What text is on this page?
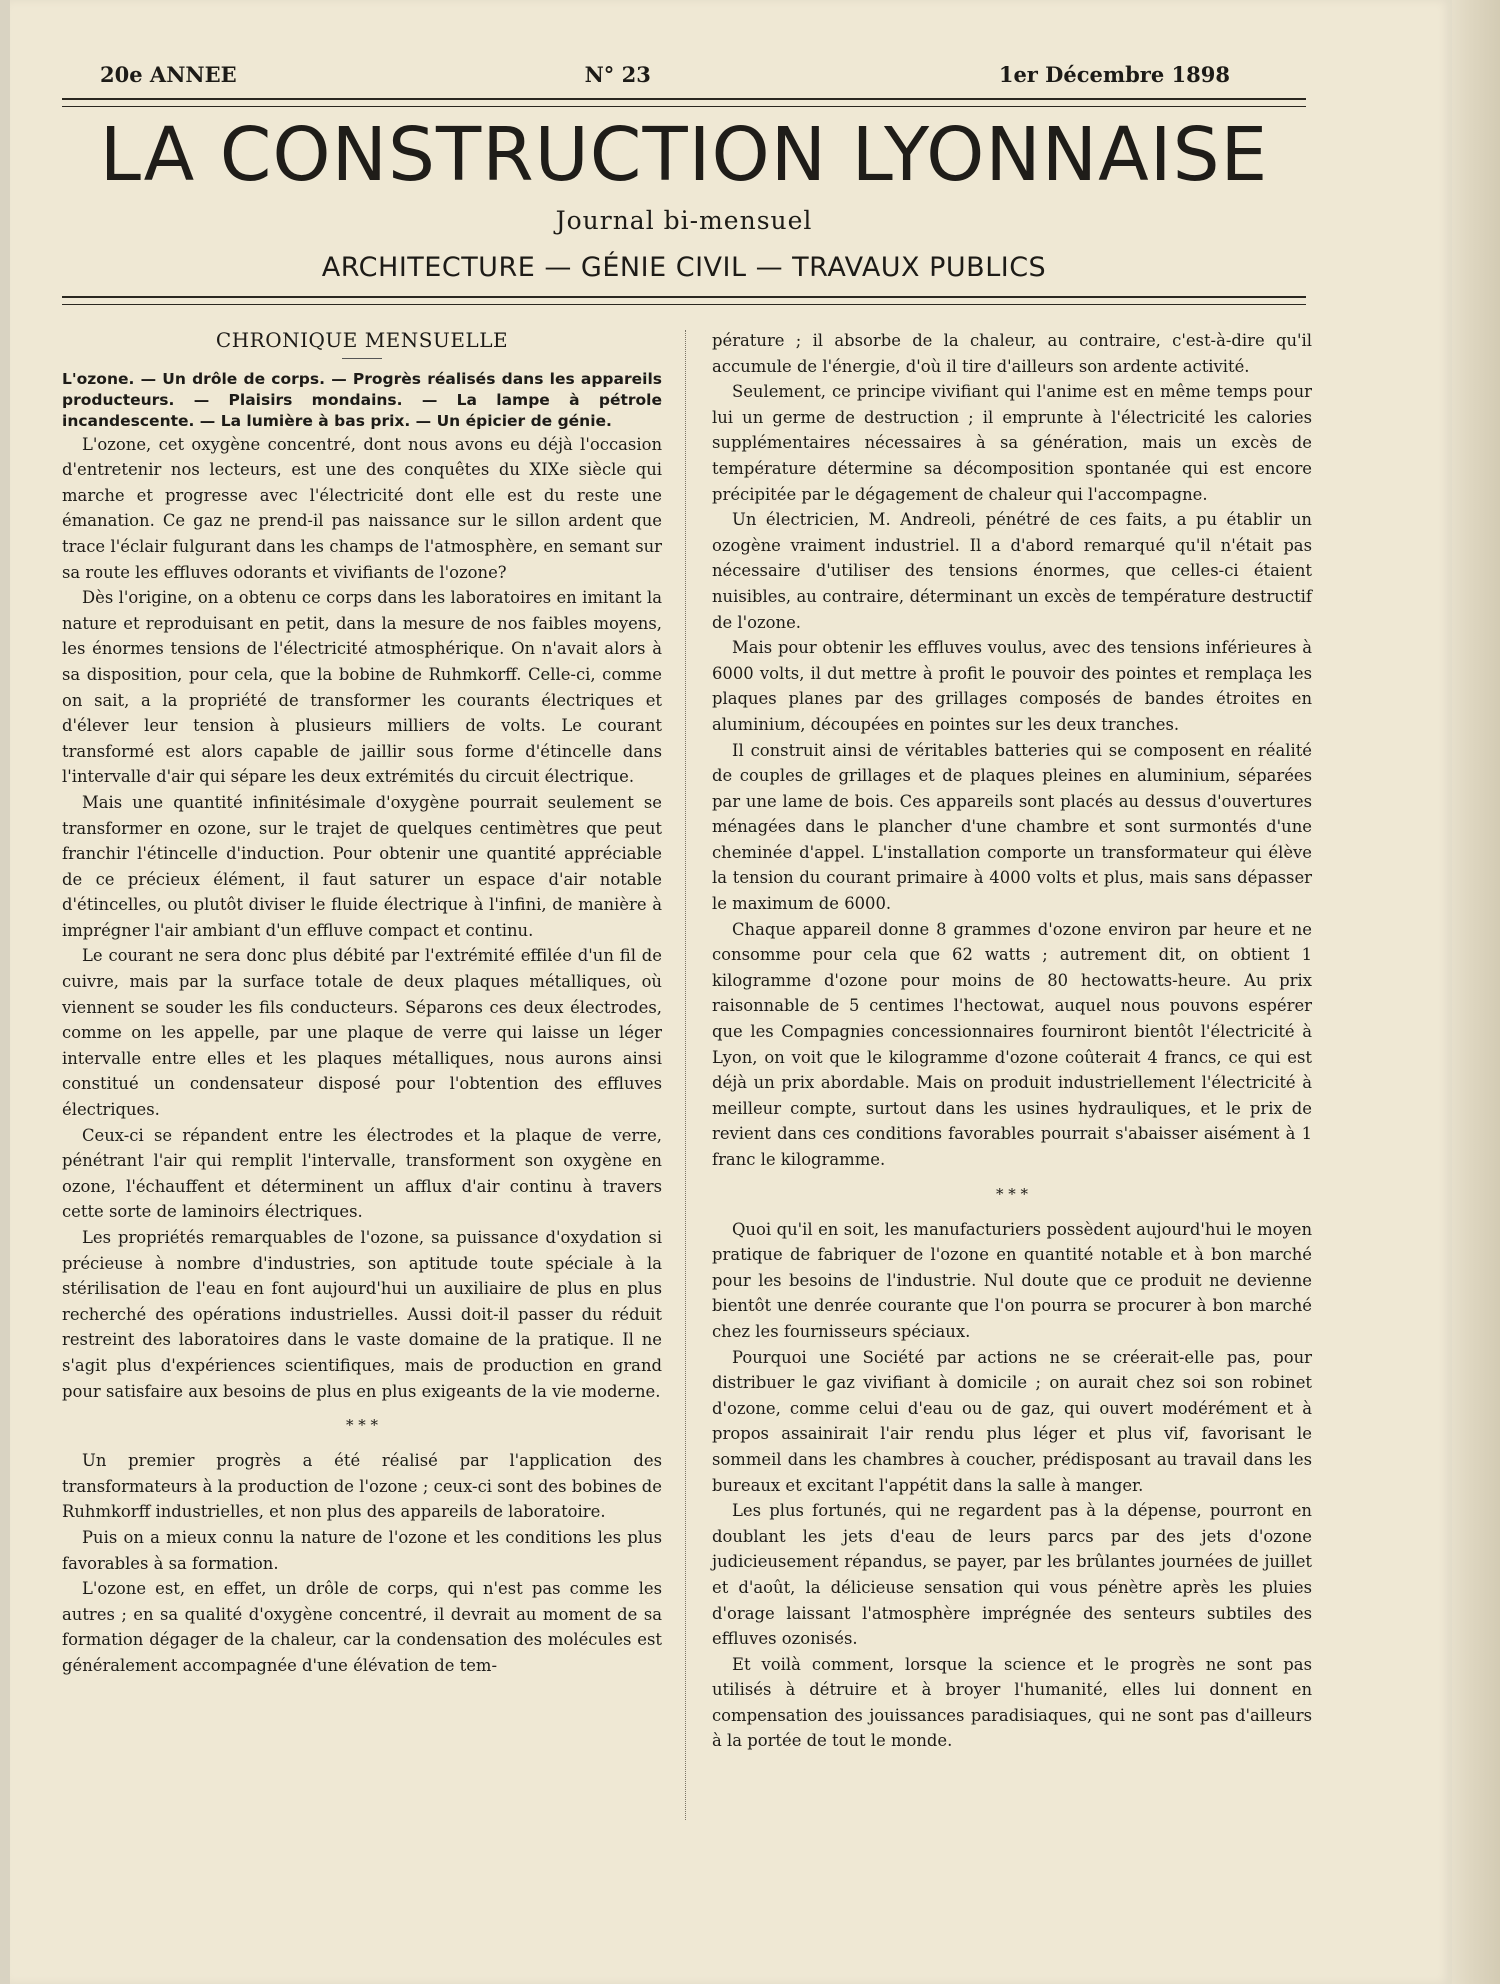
20e ANNEE	N° 23	1er Décembre 1898
LA CONSTRUCTION LYONNAISE
Journal bi-mensuel
ARCHITECTURE — GÉNIE CIVIL — TRAVAUX PUBLICS
CHRONIQUE MENSUELLE

L'ozone. — Un drôle de corps. — Progrès réalisés dans les appareils producteurs. — Plaisirs mondains. — La lampe à pétrole incandescente. — La lumière à bas prix. — Un épicier de génie.

L'ozone, cet oxygène concentré, dont nous avons eu déjà l'occasion d'entretenir nos lecteurs, est une des conquêtes du XIXe siècle qui marche et progresse avec l'électricité dont elle est du reste une émanation. Ce gaz ne prend-il pas naissance sur le sillon ardent que trace l'éclair fulgurant dans les champs de l'atmosphère, en semant sur sa route les effluves odorants et vivifiants de l'ozone?

Dès l'origine, on a obtenu ce corps dans les laboratoires en imitant la nature et reproduisant en petit, dans la mesure de nos faibles moyens, les énormes tensions de l'électricité atmosphérique. On n'avait alors à sa disposition, pour cela, que la bobine de Ruhmkorff. Celle-ci, comme on sait, a la propriété de transformer les courants électriques et d'élever leur tension à plusieurs milliers de volts. Le courant transformé est alors capable de jaillir sous forme d'étincelle dans l'intervalle d'air qui sépare les deux extrémités du circuit électrique.

Mais une quantité infinitésimale d'oxygène pourrait seulement se transformer en ozone, sur le trajet de quelques centimètres que peut franchir l'étincelle d'induction. Pour obtenir une quantité appréciable de ce précieux élément, il faut saturer un espace d'air notable d'étincelles, ou plutôt diviser le fluide électrique à l'infini, de manière à imprégner l'air ambiant d'un effluve compact et continu.

Le courant ne sera donc plus débité par l'extrémité effilée d'un fil de cuivre, mais par la surface totale de deux plaques métalliques, où viennent se souder les fils conducteurs. Séparons ces deux électrodes, comme on les appelle, par une plaque de verre qui laisse un léger intervalle entre elles et les plaques métalliques, nous aurons ainsi constitué un condensateur disposé pour l'obtention des effluves électriques.

Ceux-ci se répandent entre les électrodes et la plaque de verre, pénétrant l'air qui remplit l'intervalle, transforment son oxygène en ozone, l'échauffent et déterminent un afflux d'air continu à travers cette sorte de laminoirs électriques.

Les propriétés remarquables de l'ozone, sa puissance d'oxydation si précieuse à nombre d'industries, son aptitude toute spéciale à la stérilisation de l'eau en font aujourd'hui un auxiliaire de plus en plus recherché des opérations industrielles. Aussi doit-il passer du réduit restreint des laboratoires dans le vaste domaine de la pratique. Il ne s'agit plus d'expériences scientifiques, mais de production en grand pour satisfaire aux besoins de plus en plus exigeants de la vie moderne.

* * *

Un premier progrès a été réalisé par l'application des transformateurs à la production de l'ozone ; ceux-ci sont des bobines de Ruhmkorff industrielles, et non plus des appareils de laboratoire.

Puis on a mieux connu la nature de l'ozone et les conditions les plus favorables à sa formation.

L'ozone est, en effet, un drôle de corps, qui n'est pas comme les autres ; en sa qualité d'oxygène concentré, il devrait au moment de sa formation dégager de la chaleur, car la condensation des molécules est généralement accompagnée d'une élévation de tem-

pérature ; il absorbe de la chaleur, au contraire, c'est-à-dire qu'il accumule de l'énergie, d'où il tire d'ailleurs son ardente activité.

Seulement, ce principe vivifiant qui l'anime est en même temps pour lui un germe de destruction ; il emprunte à l'électricité les calories supplémentaires nécessaires à sa génération, mais un excès de température détermine sa décomposition spontanée qui est encore précipitée par le dégagement de chaleur qui l'accompagne.

Un électricien, M. Andreoli, pénétré de ces faits, a pu établir un ozogène vraiment industriel. Il a d'abord remarqué qu'il n'était pas nécessaire d'utiliser des tensions énormes, que celles-ci étaient nuisibles, au contraire, déterminant un excès de température destructif de l'ozone.

Mais pour obtenir les effluves voulus, avec des tensions inférieures à 6000 volts, il dut mettre à profit le pouvoir des pointes et remplaça les plaques planes par des grillages composés de bandes étroites en aluminium, découpées en pointes sur les deux tranches.

Il construit ainsi de véritables batteries qui se composent en réalité de couples de grillages et de plaques pleines en aluminium, séparées par une lame de bois. Ces appareils sont placés au dessus d'ouvertures ménagées dans le plancher d'une chambre et sont surmontés d'une cheminée d'appel. L'installation comporte un transformateur qui élève la tension du courant primaire à 4000 volts et plus, mais sans dépasser le maximum de 6000.

Chaque appareil donne 8 grammes d'ozone environ par heure et ne consomme pour cela que 62 watts ; autrement dit, on obtient 1 kilogramme d'ozone pour moins de 80 hectowatts-heure. Au prix raisonnable de 5 centimes l'hectowat, auquel nous pouvons espérer que les Compagnies concessionnaires fourniront bientôt l'électricité à Lyon, on voit que le kilogramme d'ozone coûterait 4 francs, ce qui est déjà un prix abordable. Mais on produit industriellement l'électricité à meilleur compte, surtout dans les usines hydrauliques, et le prix de revient dans ces conditions favorables pourrait s'abaisser aisément à 1 franc le kilogramme.

* * *

Quoi qu'il en soit, les manufacturiers possèdent aujourd'hui le moyen pratique de fabriquer de l'ozone en quantité notable et à bon marché pour les besoins de l'industrie. Nul doute que ce produit ne devienne bientôt une denrée courante que l'on pourra se procurer à bon marché chez les fournisseurs spéciaux.

Pourquoi une Société par actions ne se créerait-elle pas, pour distribuer le gaz vivifiant à domicile ; on aurait chez soi son robinet d'ozone, comme celui d'eau ou de gaz, qui ouvert modérément et à propos assainirait l'air rendu plus léger et plus vif, favorisant le sommeil dans les chambres à coucher, prédisposant au travail dans les bureaux et excitant l'appétit dans la salle à manger.

Les plus fortunés, qui ne regardent pas à la dépense, pourront en doublant les jets d'eau de leurs parcs par des jets d'ozone judicieusement répandus, se payer, par les brûlantes journées de juillet et d'août, la délicieuse sensation qui vous pénètre après les pluies d'orage laissant l'atmosphère imprégnée des senteurs subtiles des effluves ozonisés.

Et voilà comment, lorsque la science et le progrès ne sont pas utilisés à détruire et à broyer l'humanité, elles lui donnent en compensation des jouissances paradisiaques, qui ne sont pas d'ailleurs à la portée de tout le monde.
